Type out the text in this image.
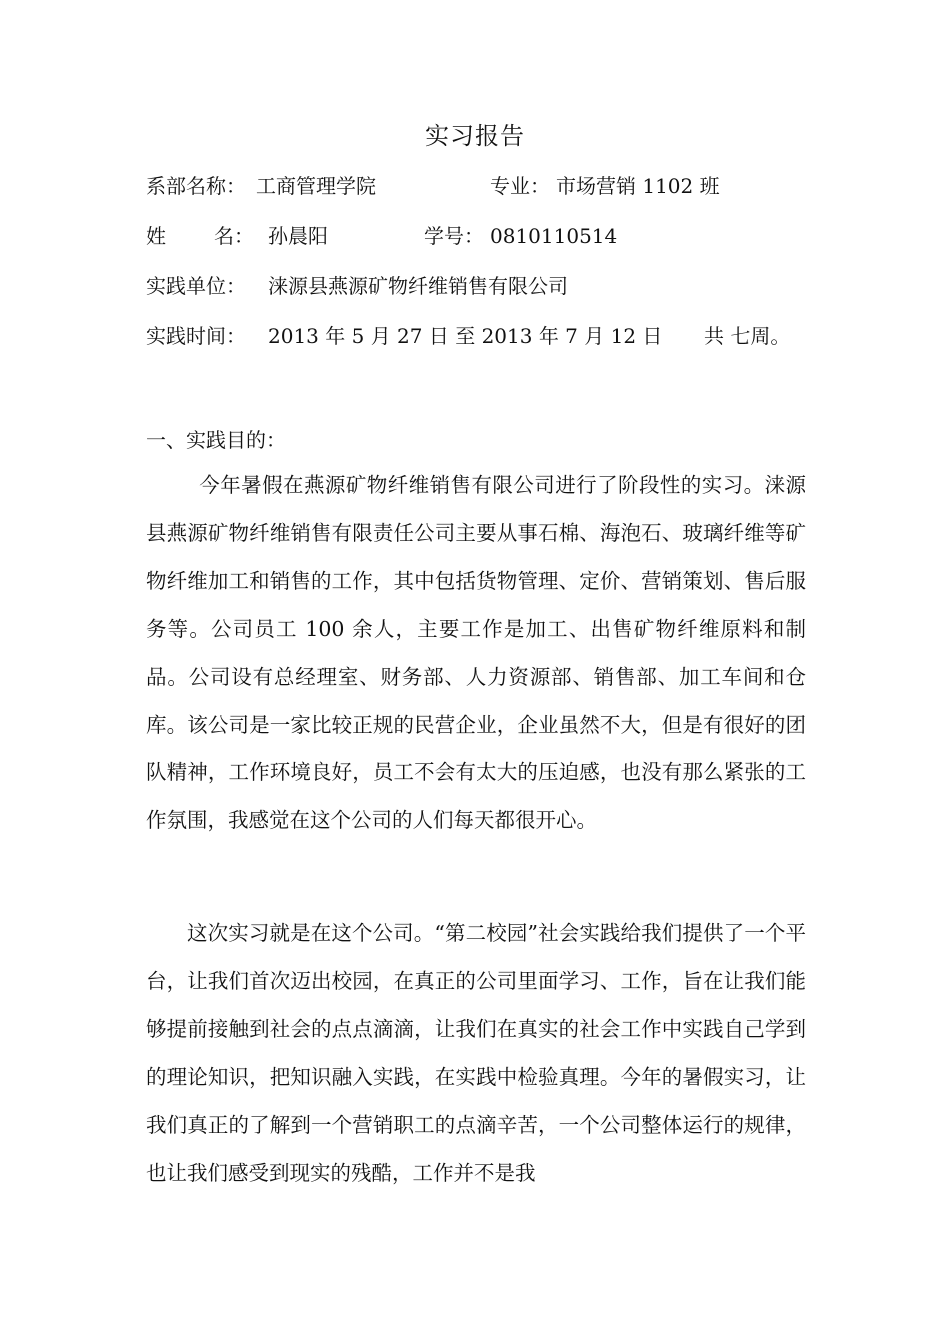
实习报告
系部名称： 工商管理学院	专业： 市场营销 1102 班
姓 名： 孙晨阳	学号： 0810110514
实践单位： 涞源县燕源矿物纤维销售有限公司
实践时间： 2013 年 5 月 27 日 至 2013 年 7 月 12 日 共 七周。
一、实践目的：

今年暑假在燕源矿物纤维销售有限公司进行了阶段性的实习。涞源县燕源矿物纤维销售有限责任公司主要从事石棉、海泡石、玻璃纤维等矿物纤维加工和销售的工作，其中包括货物管理、定价、营销策划、售后服务等。公司员工 100 余人，主要工作是加工、出售矿物纤维原料和制品。公司设有总经理室、财务部、人力资源部、销售部、加工车间和仓库。该公司是一家比较正规的民营企业，企业虽然不大，但是有很好的团队精神，工作环境良好，员工不会有太大的压迫感，也没有那么紧张的工作氛围，我感觉在这个公司的人们每天都很开心。

这次实习就是在这个公司。“第二校园”社会实践给我们提供了一个平台，让我们首次迈出校园，在真正的公司里面学习、工作，旨在让我们能够提前接触到社会的点点滴滴，让我们在真实的社会工作中实践自己学到的理论知识，把知识融入实践，在实践中检验真理。今年的暑假实习，让我们真正的了解到一个营销职工的点滴辛苦，一个公司整体运行的规律，也让我们感受到现实的残酷，工作并不是我
